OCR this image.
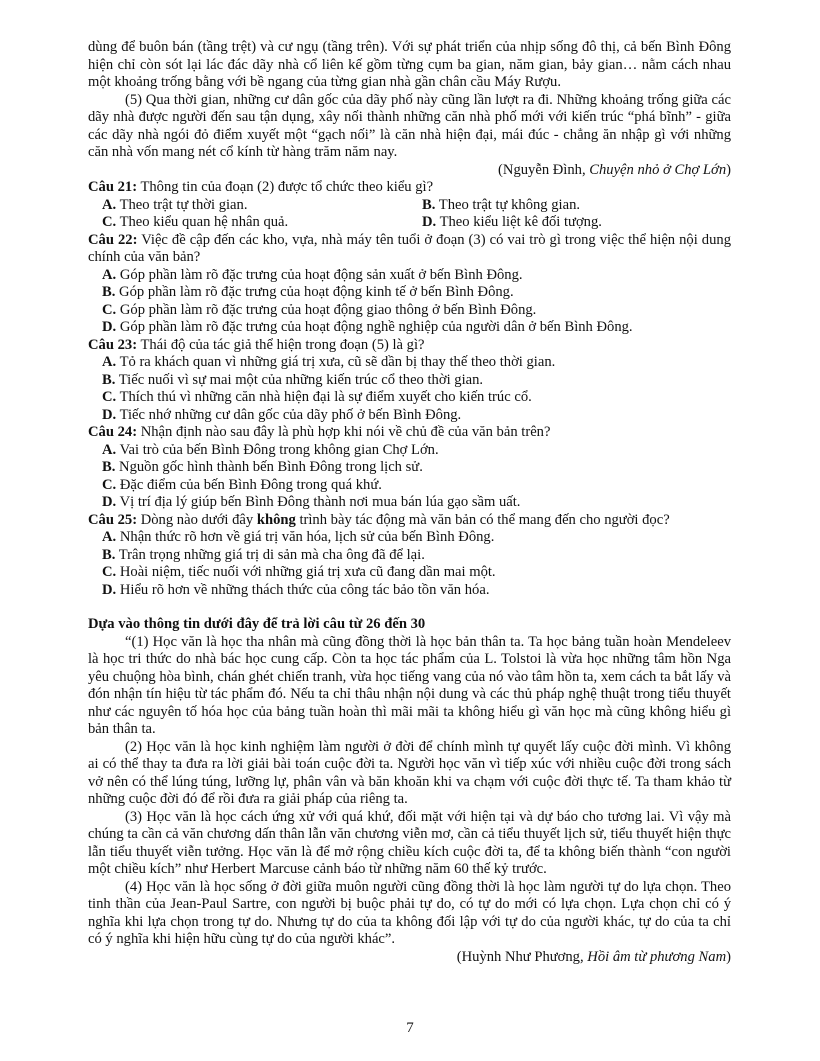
dùng để buôn bán (tầng trệt) và cư ngụ (tầng trên). Với sự phát triển của nhịp sống đô thị, cả bến Bình Đông hiện chỉ còn sót lại lác đác dãy nhà cổ liên kế gồm từng cụm ba gian, năm gian, bảy gian… nằm cách nhau một khoảng trống bằng với bề ngang của từng gian nhà gần chân cầu Máy Rượu.

(5) Qua thời gian, những cư dân gốc của dãy phố này cũng lần lượt ra đi. Những khoảng trống giữa các dãy nhà được người đến sau tận dụng, xây nối thành những căn nhà phố mới với kiến trúc “phá bĩnh” - giữa các dãy nhà ngói đỏ điểm xuyết một “gạch nối” là căn nhà hiện đại, mái đúc - chẳng ăn nhập gì với những căn nhà vốn mang nét cổ kính từ hàng trăm năm nay.

(Nguyễn Đình, Chuyện nhỏ ở Chợ Lớn)

Câu 21: Thông tin của đoạn (2) được tổ chức theo kiểu gì?

A. Theo trật tự thời gian.	B. Theo trật tự không gian.
C. Theo kiểu quan hệ nhân quả.	D. Theo kiểu liệt kê đối tượng.

Câu 22: Việc đề cập đến các kho, vựa, nhà máy tên tuổi ở đoạn (3) có vai trò gì trong việc thể hiện nội dung chính của văn bản?

A. Góp phần làm rõ đặc trưng của hoạt động sản xuất ở bến Bình Đông.
B. Góp phần làm rõ đặc trưng của hoạt động kinh tế ở bến Bình Đông.
C. Góp phần làm rõ đặc trưng của hoạt động giao thông ở bến Bình Đông.
D. Góp phần làm rõ đặc trưng của hoạt động nghề nghiệp của người dân ở bến Bình Đông.

Câu 23: Thái độ của tác giả thể hiện trong đoạn (5) là gì?

A. Tỏ ra khách quan vì những giá trị xưa, cũ sẽ dần bị thay thế theo thời gian.
B. Tiếc nuối vì sự mai một của những kiến trúc cổ theo thời gian.
C. Thích thú vì những căn nhà hiện đại là sự điểm xuyết cho kiến trúc cổ.
D. Tiếc nhớ những cư dân gốc của dãy phố ở bến Bình Đông.

Câu 24: Nhận định nào sau đây là phù hợp khi nói về chủ đề của văn bản trên?

A. Vai trò của bến Bình Đông trong không gian Chợ Lớn.
B. Nguồn gốc hình thành bến Bình Đông trong lịch sử.
C. Đặc điểm của bến Bình Đông trong quá khứ.
D. Vị trí địa lý giúp bến Bình Đông thành nơi mua bán lúa gạo sầm uất.

Câu 25: Dòng nào dưới đây không trình bày tác động mà văn bản có thể mang đến cho người đọc?

A. Nhận thức rõ hơn về giá trị văn hóa, lịch sử của bến Bình Đông.
B. Trân trọng những giá trị di sản mà cha ông đã để lại.
C. Hoài niệm, tiếc nuối với những giá trị xưa cũ đang dần mai một.
D. Hiểu rõ hơn về những thách thức của công tác bảo tồn văn hóa.

Dựa vào thông tin dưới đây để trả lời câu từ 26 đến 30

“(1) Học văn là học tha nhân mà cũng đồng thời là học bản thân ta. Ta học bảng tuần hoàn Mendeleev là học tri thức do nhà bác học cung cấp. Còn ta học tác phẩm của L. Tolstoi là vừa học những tâm hồn Nga yêu chuộng hòa bình, chán ghét chiến tranh, vừa học tiếng vang của nó vào tâm hồn ta, xem cách ta bắt lấy và đón nhận tín hiệu từ tác phẩm đó. Nếu ta chỉ thâu nhận nội dung và các thủ pháp nghệ thuật trong tiểu thuyết như các nguyên tố hóa học của bảng tuần hoàn thì mãi mãi ta không hiểu gì văn học mà cũng không hiểu gì bản thân ta.

(2) Học văn là học kinh nghiệm làm người ở đời để chính mình tự quyết lấy cuộc đời mình. Vì không ai có thể thay ta đưa ra lời giải bài toán cuộc đời ta. Người học văn vì tiếp xúc với nhiều cuộc đời trong sách vở nên có thể lúng túng, lưỡng lự, phân vân và băn khoăn khi va chạm với cuộc đời thực tế. Ta tham khảo từ những cuộc đời đó để rồi đưa ra giải pháp của riêng ta.

(3) Học văn là học cách ứng xử với quá khứ, đối mặt với hiện tại và dự báo cho tương lai. Vì vậy mà chúng ta cần cả văn chương dấn thân lẫn văn chương viễn mơ, cần cả tiểu thuyết lịch sử, tiểu thuyết hiện thực lẫn tiểu thuyết viễn tưởng. Học văn là để mở rộng chiều kích cuộc đời ta, để ta không biến thành “con người một chiều kích” như Herbert Marcuse cảnh báo từ những năm 60 thế kỷ trước.

(4) Học văn là học sống ở đời giữa muôn người cũng đồng thời là học làm người tự do lựa chọn. Theo tinh thần của Jean-Paul Sartre, con người bị buộc phải tự do, có tự do mới có lựa chọn. Lựa chọn chỉ có ý nghĩa khi lựa chọn trong tự do. Nhưng tự do của ta không đối lập với tự do của người khác, tự do của ta chỉ có ý nghĩa khi hiện hữu cùng tự do của người khác”.

(Huỳnh Như Phương, Hồi âm từ phương Nam)

7
